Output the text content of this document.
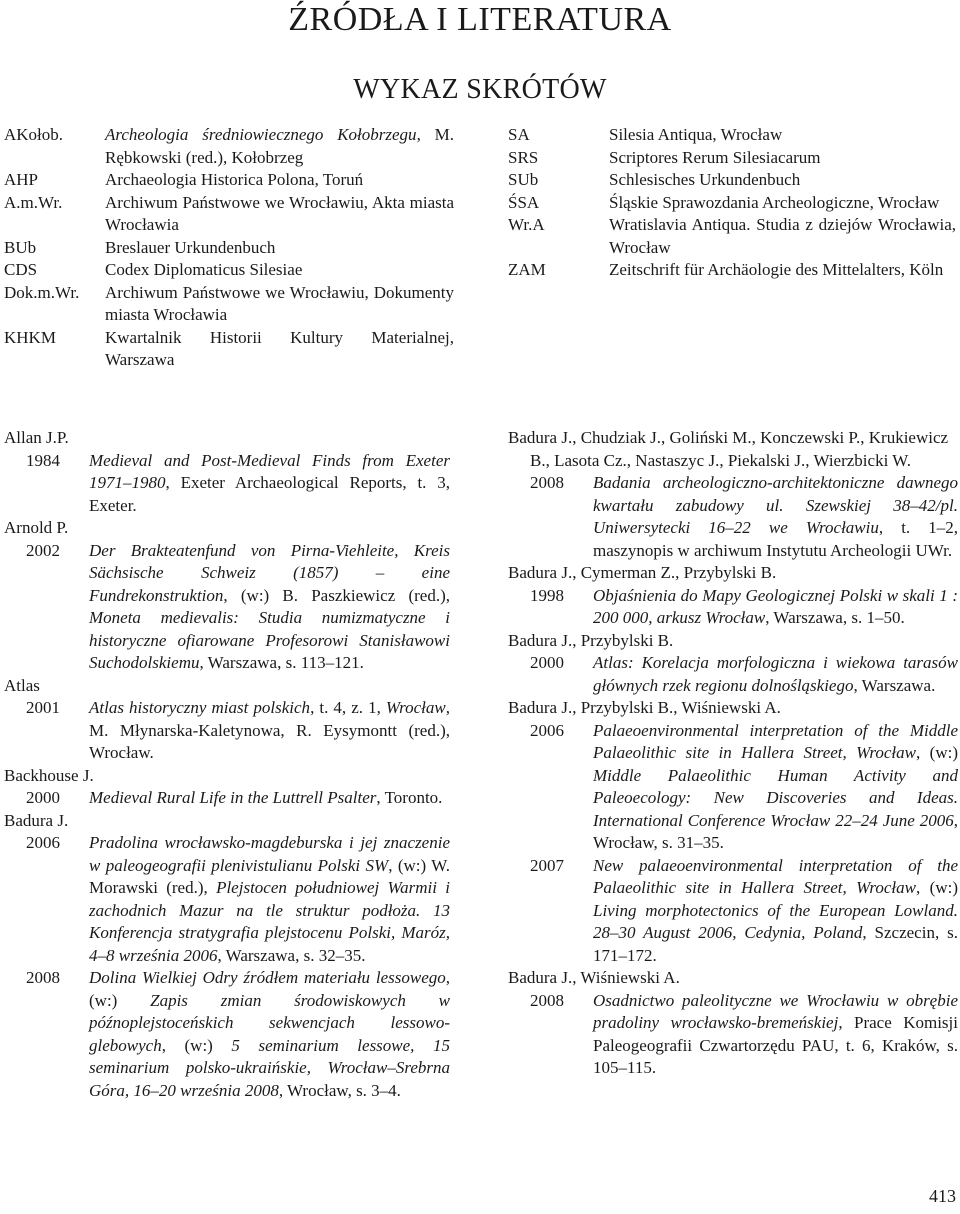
ŹRÓDŁA I LITERATURA
WYKAZ SKRÓTÓW
AKołob.	Archeologia średniowiecznego Kołobrzegu, M. Rębkowski (red.), Kołobrzeg
AHP	Archaeologia Historica Polona, Toruń
A.m.Wr.	Archiwum Państwowe we Wrocławiu, Akta miasta Wrocławia
BUb	Breslauer Urkundenbuch
CDS	Codex Diplomaticus Silesiae
Dok.m.Wr.	Archiwum Państwowe we Wrocławiu, Dokumenty miasta Wrocławia
KHKM	Kwartalnik Historii Kultury Materialnej, Warszawa
SA	Silesia Antiqua, Wrocław
SRS	Scriptores Rerum Silesiacarum
SUb	Schlesisches Urkundenbuch
ŚSA	Śląskie Sprawozdania Archeologiczne, Wrocław
Wr.A	Wratislavia Antiqua. Studia z dziejów Wrocławia, Wrocław
ZAM	Zeitschrift für Archäologie des Mittelalters, Köln
Allan J.P.
1984	Medieval and Post-Medieval Finds from Exeter 1971–1980, Exeter Archaeological Reports, t. 3, Exeter.
Arnold P.
2002	Der Brakteatenfund von Pirna-Viehleite, Kreis Sächsische Schweiz (1857) – eine Fundrekonstruktion, (w:) B. Paszkiewicz (red.), Moneta medievalis: Studia numizmatyczne i historyczne ofiarowane Profesorowi Stanisławowi Suchodolskiemu, Warszawa, s. 113–121.
Atlas
2001	Atlas historyczny miast polskich, t. 4, z. 1, Wrocław, M. Młynarska-Kaletynowa, R. Eysymontt (red.), Wrocław.
Backhouse J.
2000	Medieval Rural Life in the Luttrell Psalter, Toronto.
Badura J.
2006	Pradolina wrocławsko-magdeburska i jej znaczenie w paleogeografii plenivistulianu Polski SW, (w:) W. Morawski (red.), Plejstocen południowej Warmii i zachodnich Mazur na tle struktur podłoża. 13 Konferencja stratygrafia plejstocenu Polski, Maróz, 4–8 września 2006, Warszawa, s. 32–35.
2008	Dolina Wielkiej Odry źródłem materiału lessowego, (w:) Zapis zmian środowiskowych w późnoplejstoceńskich sekwencjach lessowo-glebowych, (w:) 5 seminarium lessowe, 15 seminarium polsko-ukraińskie, Wrocław–Srebrna Góra, 16–20 września 2008, Wrocław, s. 3–4.
Badura J., Chudziak J., Goliński M., Konczewski P., Krukiewicz B., Lasota Cz., Nastaszyc J., Piekalski J., Wierzbicki W.
2008	Badania archeologiczno-architektoniczne dawnego kwartału zabudowy ul. Szewskiej 38–42/pl. Uniwersytecki 16–22 we Wrocławiu, t. 1–2, maszynopis w archiwum Instytutu Archeologii UWr.
Badura J., Cymerman Z., Przybylski B.
1998	Objaśnienia do Mapy Geologicznej Polski w skali 1 : 200 000, arkusz Wrocław, Warszawa, s. 1–50.
Badura J., Przybylski B.
2000	Atlas: Korelacja morfologiczna i wiekowa tarasów głównych rzek regionu dolnośląskiego, Warszawa.
Badura J., Przybylski B., Wiśniewski A.
2006	Palaeoenvironmental interpretation of the Middle Palaeolithic site in Hallera Street, Wrocław, (w:) Middle Palaeolithic Human Activity and Paleoecology: New Discoveries and Ideas. International Conference Wrocław 22–24 June 2006, Wrocław, s. 31–35.
2007	New palaeoenvironmental interpretation of the Palaeolithic site in Hallera Street, Wrocław, (w:) Living morphotectonics of the European Lowland. 28–30 August 2006, Cedynia, Poland, Szczecin, s. 171–172.
Badura J., Wiśniewski A.
2008	Osadnictwo paleolityczne we Wrocławiu w obrębie pradoliny wrocławsko-bremeńskiej, Prace Komisji Paleogeografii Czwartorzędu PAU, t. 6, Kraków, s. 105–115.
413
